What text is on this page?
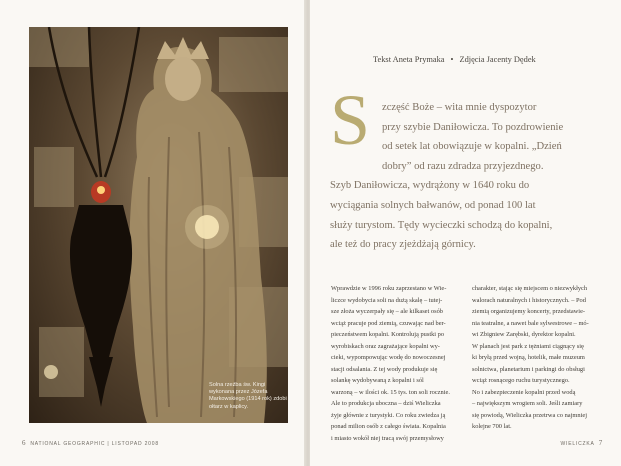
Solna rzeźba św. Kingi wykonana przez Józefa Markowskiego (1914 rok) zdobi ołtarz w kaplicy.
6 NATIONAL GEOGRAPHIC | LISTOPAD 2008
Tekst Aneta Prymaka • Zdjęcia Jacenty Dędek
S	zczęść Boże – wita mnie dyspozytor
przy szybie Daniłowicza. To pozdrowienie
od setek lat obowiązuje w kopalni. „Dzień
dobry” od razu zdradza przyjezdnego.
Szyb Daniłowicza, wydrążony w 1640 roku do
wyciągania solnych bałwanów, od ponad 100 lat
służy turystom. Tędy wycieczki schodzą do kopalni,
ale też do pracy zjeżdżają górnicy.
Wprawdzie w 1996 roku zaprzestano w Wie-
liczce wydobycia soli na dużą skalę – tutej-
sze złoża wyczerpały się – ale kilkaset osób
wciąż pracuje pod ziemią, czuwając nad ber-
pieczeństwem kopalni. Kontrolują pustki po
wyrobiskach oraz zagrażające kopalni wy-
cieki, wypompowując wodę do nowoczesnej
stacji odsalania. Z tej wody produkuje się
solankę wydobywaną z kopalni i sól
warzoną – w ilości ok. 15 tys. ton soli rocznie.
Ale to produkcja uboczna – dziś Wieliczka
żyje głównie z turystyki. Co roku zwiedza ją
ponad milion osób z całego świata. Kopalnia
i miasto wokół niej tracą swój przemysłowy
charakter, stając się miejscem o niezwykłych
walorach naturalnych i historycznych. – Pod
ziemią organizujemy koncerty, przedstawie-
nia teatralne, a nawet bale sylwestrowe – mó-
wi Zbigniew Zarębski, dyrektor kopalni.
W planach jest park z tężniami ciągnący się
ki bryłą przed wojną, hotelik, małe muzeum
solnictwa, planetarium i parkingi do obsługi
wciąż rosnącego ruchu turystycznego.
No i zabezpieczenie kopalni przed wodą
– największym wrogiem soli. Jeśli zamiary
się powiodą, Wieliczka przetrwa co najmniej
kolejne 700 lat.
WIELICZKA 7
